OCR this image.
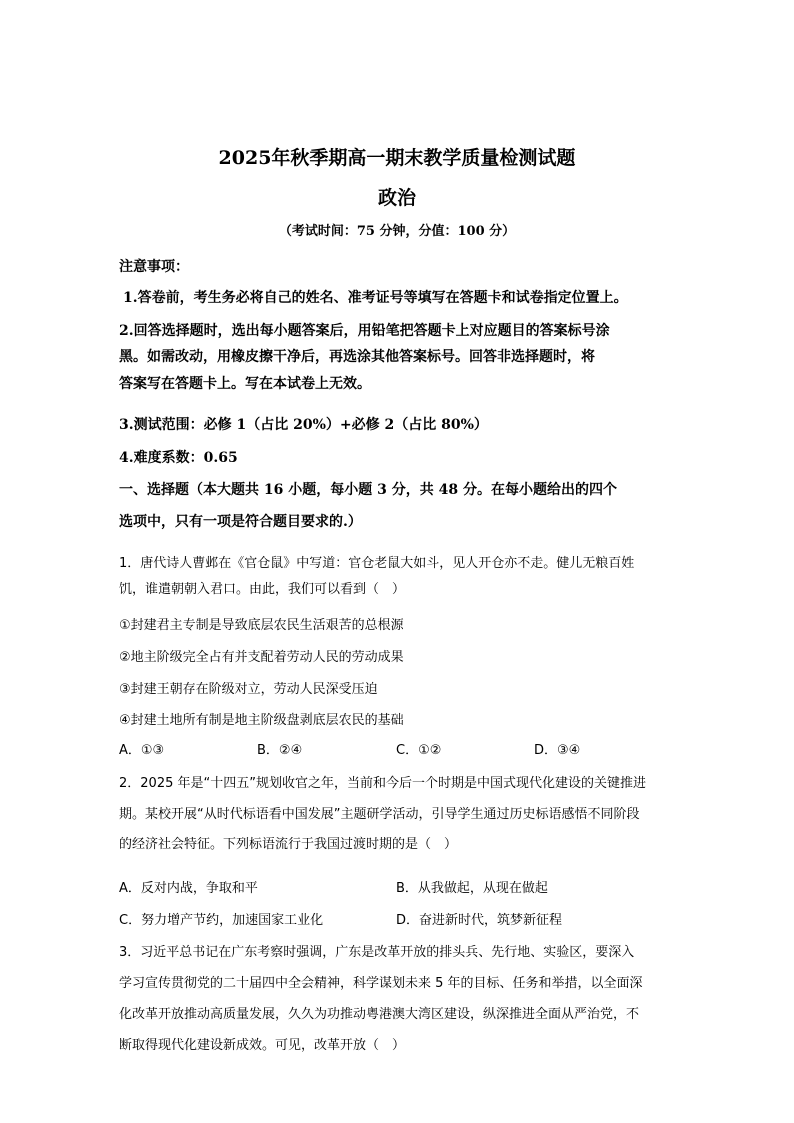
2025年秋季期高一期末教学质量检测试题
政治
（考试时间：75 分钟，分值：100 分）
注意事项：
1.答卷前，考生务必将自己的姓名、准考证号等填写在答题卡和试卷指定位置上。
2.回答选择题时，选出每小题答案后，用铅笔把答题卡上对应题目的答案标号涂
黑。如需改动，用橡皮擦干净后，再选涂其他答案标号。回答非选择题时，将
答案写在答题卡上。写在本试卷上无效。
3.测试范围：必修 1（占比 20%）+必修 2（占比 80%）
4.难度系数：0.65
一、选择题（本大题共 16 小题，每小题 3 分，共 48 分。在每小题给出的四个
选项中，只有一项是符合题目要求的.）
1．唐代诗人曹邺在《官仓鼠》中写道：官仓老鼠大如斗，见人开仓亦不走。健儿无粮百姓
饥，谁遣朝朝入君口。由此，我们可以看到（　）
①封建君主专制是导致底层农民生活艰苦的总根源
②地主阶级完全占有并支配着劳动人民的劳动成果
③封建王朝存在阶级对立，劳动人民深受压迫
④封建土地所有制是地主阶级盘剥底层农民的基础
A．①③	B．②④	C．①②	D．③④
2．2025 年是“十四五”规划收官之年，当前和今后一个时期是中国式现代化建设的关键推进
期。某校开展“从时代标语看中国发展”主题研学活动，引导学生通过历史标语感悟不同阶段
的经济社会特征。下列标语流行于我国过渡时期的是（　）
A．反对内战，争取和平	B．从我做起，从现在做起
C．努力增产节约，加速国家工业化	D．奋进新时代，筑梦新征程
3．习近平总书记在广东考察时强调，广东是改革开放的排头兵、先行地、实验区，要深入
学习宣传贯彻党的二十届四中全会精神，科学谋划未来 5 年的目标、任务和举措，以全面深
化改革开放推动高质量发展，久久为功推动粤港澳大湾区建设，纵深推进全面从严治党，不
断取得现代化建设新成效。可见，改革开放（　）
